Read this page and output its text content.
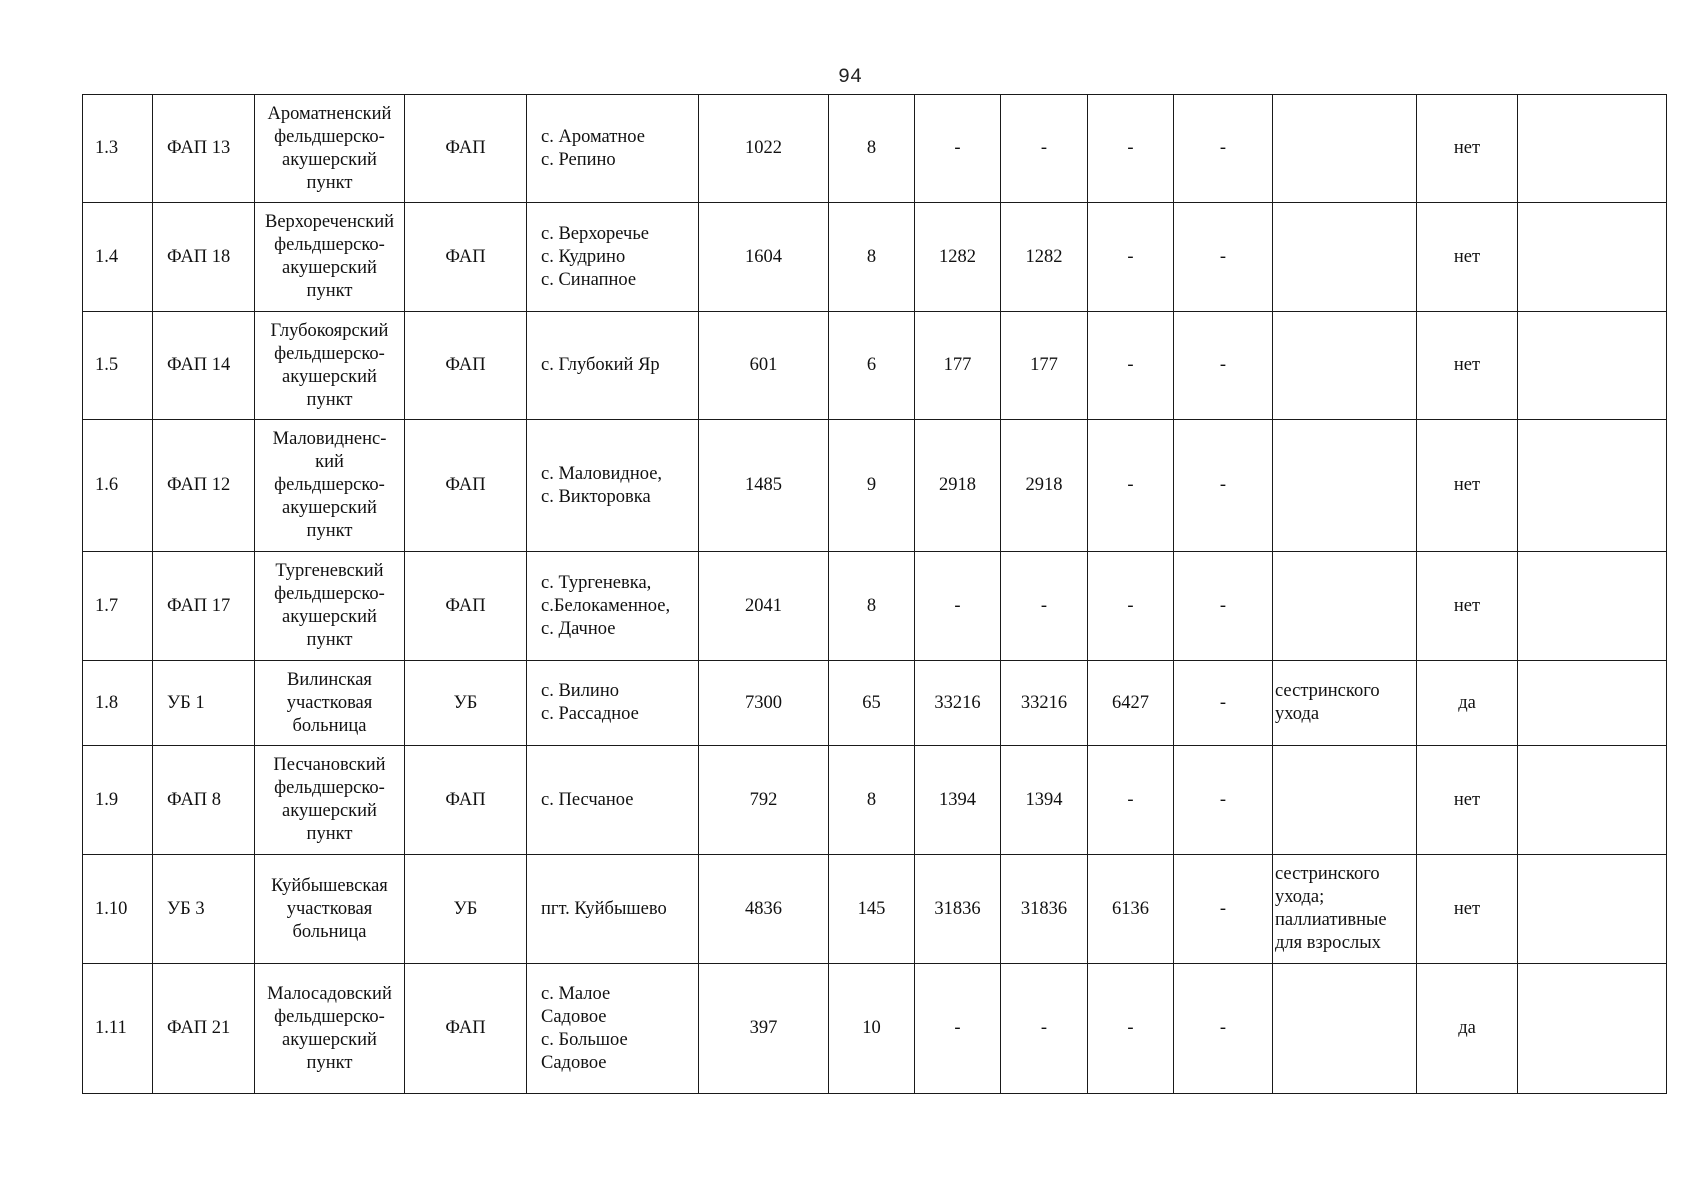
94
1.3	ФАП 13	Ароматненский
фельдшерско-
акушерский
пункт	ФАП	с. Ароматное
с. Репино	1022	8	-	-	-	-		нет	
1.4	ФАП 18	Верхореченский
фельдшерско-
акушерский
пункт	ФАП	с. Верхоречье
с. Кудрино
с. Синапное	1604	8	1282	1282	-	-		нет	
1.5	ФАП 14	Глубокоярский
фельдшерско-
акушерский
пункт	ФАП	с. Глубокий Яр	601	6	177	177	-	-		нет	
1.6	ФАП 12	Маловидненс-
кий
фельдшерско-
акушерский
пункт	ФАП	с. Маловидное,
с. Викторовка	1485	9	2918	2918	-	-		нет	
1.7	ФАП 17	Тургеневский
фельдшерско-
акушерский
пункт	ФАП	с. Тургеневка,
с.Белокаменное,
с. Дачное	2041	8	-	-	-	-		нет	
1.8	УБ 1	Вилинская
участковая
больница	УБ	с. Вилино
с. Рассадное	7300	65	33216	33216	6427	-	сестринского
ухода	да	
1.9	ФАП 8	Песчановский
фельдшерско-
акушерский
пункт	ФАП	с. Песчаное	792	8	1394	1394	-	-		нет	
1.10	УБ 3	Куйбышевская
участковая
больница	УБ	пгт. Куйбышево	4836	145	31836	31836	6136	-	сестринского
ухода;
паллиативные
для взрослых	нет	
1.11	ФАП 21	Малосадовский
фельдшерско-
акушерский
пункт	ФАП	с. Малое
Садовое
с. Большое
Садовое	397	10	-	-	-	-		да	
